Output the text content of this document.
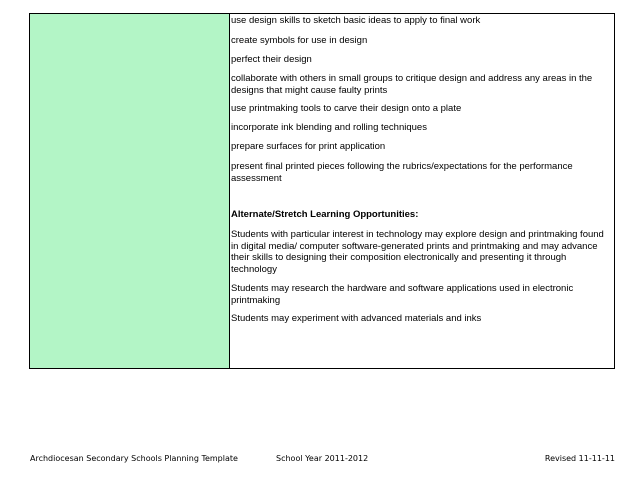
use design skills to sketch basic ideas to apply to final work
create symbols for use in design
perfect their design
collaborate with others in small groups to critique design and address any areas in the designs that might cause faulty prints
use printmaking tools to carve their design onto a plate
incorporate ink blending and rolling techniques
prepare surfaces for print application
present final printed pieces following the rubrics/expectations for the performance assessment
Alternate/Stretch Learning Opportunities:
Students with particular interest in technology may explore design and printmaking found in digital media/ computer software-generated prints and printmaking and may advance their skills to designing their composition electronically and presenting it through technology
Students may research the hardware and software applications used in electronic printmaking
Students may experiment with advanced materials and inks
Archdiocesan Secondary Schools Planning Template	School Year 2011-2012	Revised 11-11-11
